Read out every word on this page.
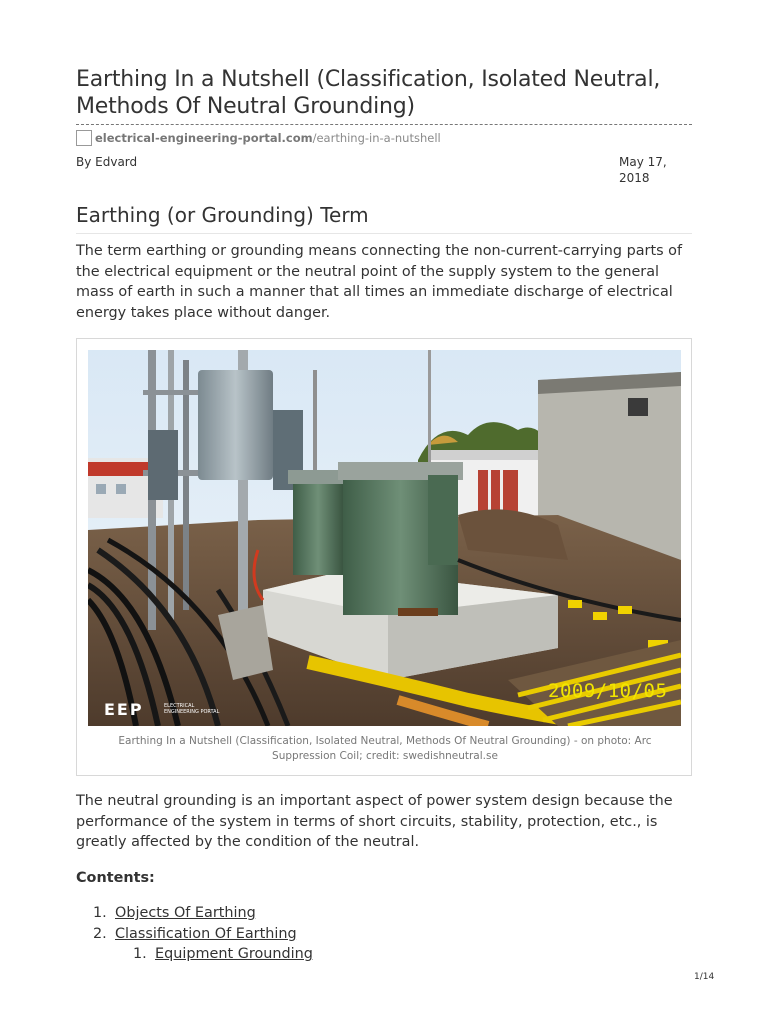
Earthing In a Nutshell (Classification, Isolated Neutral, Methods Of Neutral Grounding)
electrical-engineering-portal.com/earthing-in-a-nutshell
By Edvard	May 17, 2018
Earthing (or Grounding) Term

The term earthing or grounding means connecting the non-current-carrying parts of the electrical equipment or the neutral point of the supply system to the general mass of earth in such a manner that all times an immediate discharge of electrical energy takes place without danger.

2009/10/05
EEP	ELECTRICAL ENGINEERING PORTAL
Earthing In a Nutshell (Classification, Isolated Neutral, Methods Of Neutral Grounding) - on photo: Arc Suppression Coil; credit: swedishneutral.se

The neutral grounding is an important aspect of power system design because the performance of the system in terms of short circuits, stability, protection, etc., is greatly affected by the condition of the neutral.

Contents:
1. Objects Of Earthing
2. Classification Of Earthing
1. Equipment Grounding
1/14
